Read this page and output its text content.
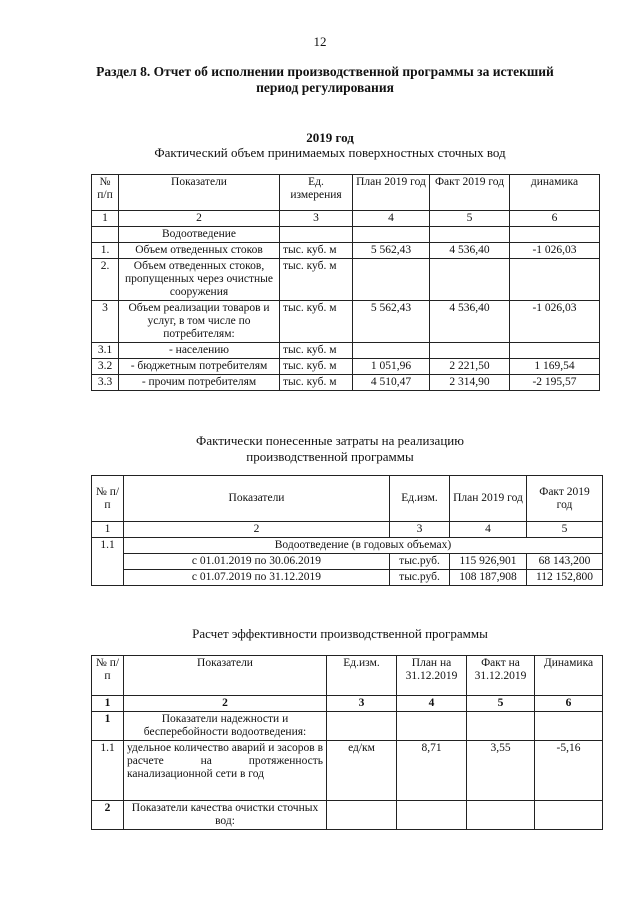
12
Раздел 8. Отчет об исполнении производственной программы за истекший период регулирования
2019 год
Фактический объем принимаемых поверхностных сточных вод
№ п/п	Показатели	Ед. измерения	План 2019 год	Факт 2019 год	динамика
1	2	3	4	5	6
	Водоотведение				
1.	Объем отведенных стоков	тыс. куб. м	5 562,43	4 536,40	-1 026,03
2.	Объем отведенных стоков, пропущенных через очистные сооружения	тыс. куб. м			
3	Объем реализации товаров и услуг, в том числе по потребителям:	тыс. куб. м	5 562,43	4 536,40	-1 026,03
3.1	- населению	тыс. куб. м			
3.2	- бюджетным потребителям	тыс. куб. м	1 051,96	2 221,50	1 169,54
3.3	- прочим потребителям	тыс. куб. м	4 510,47	2 314,90	-2 195,57
Фактически понесенные затраты на реализацию производственной программы
№ п/п	Показатели	Ед.изм.	План 2019 год	Факт 2019 год
1	2	3	4	5
1.1	Водоотведение (в годовых объемах)			
	с 01.01.2019 по 30.06.2019	тыс.руб.	115 926,901	68 143,200
	с 01.07.2019 по 31.12.2019	тыс.руб.	108 187,908	112 152,800
Расчет эффективности производственной программы
№ п/п	Показатели	Ед.изм.	План на 31.12.2019	Факт на 31.12.2019	Динамика
1	2	3	4	5	6
1	Показатели надежности и бесперебойности водоотведения:				
1.1	удельное количество аварий и засоров в расчете на протяженность канализационной сети в год	ед/км	8,71	3,55	-5,16
2	Показатели качества очистки сточных вод:				
